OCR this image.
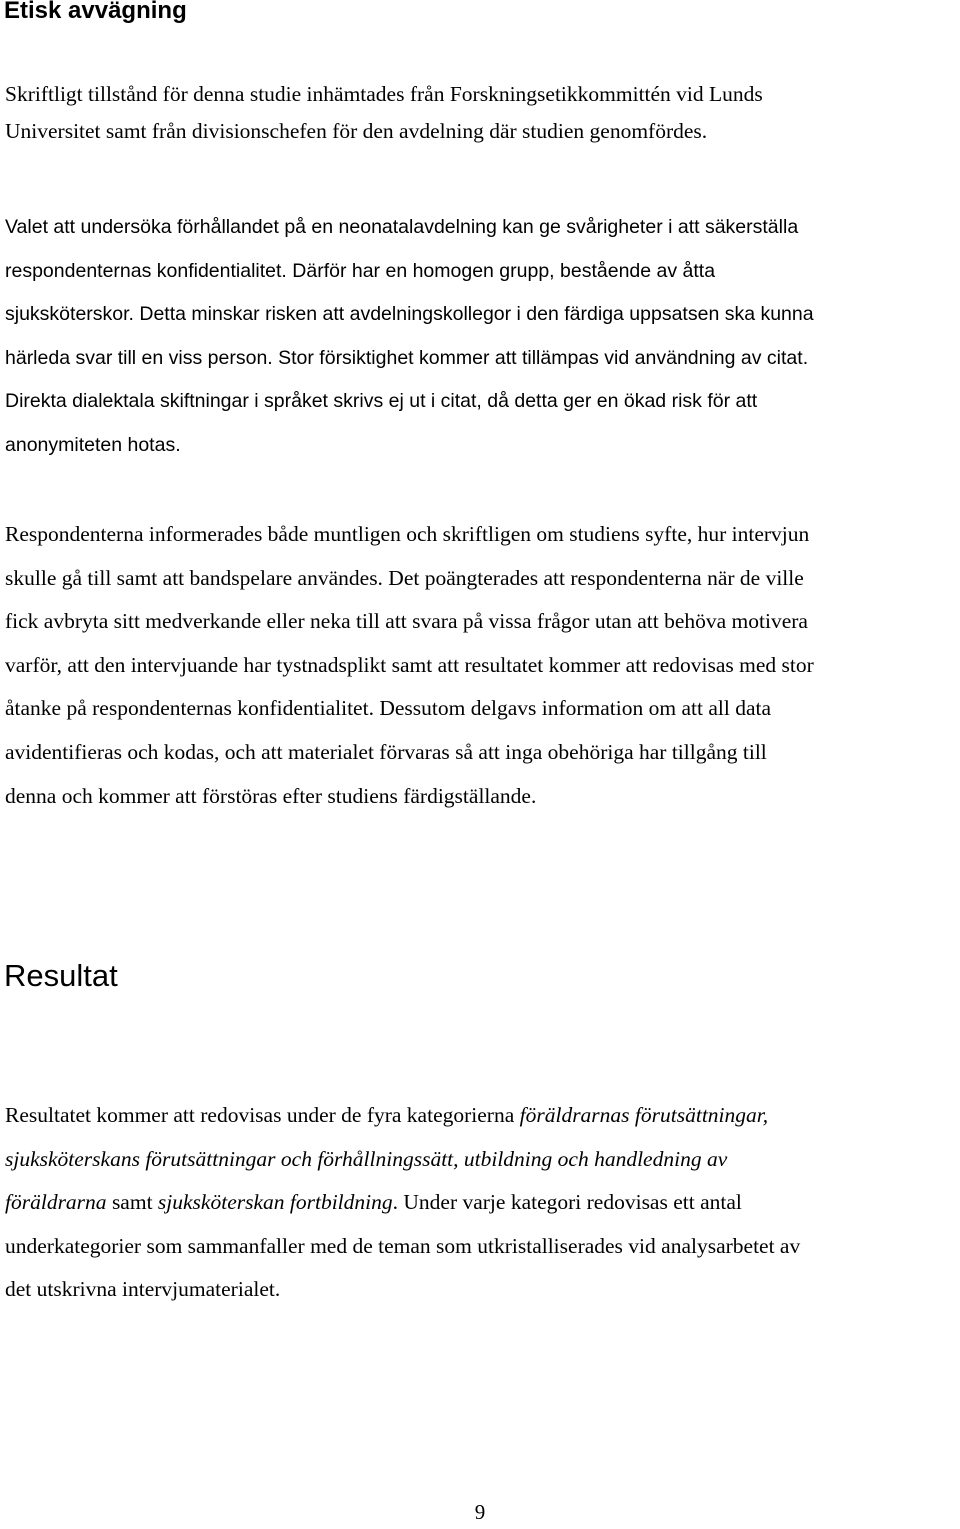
Etisk avvägning

Skriftligt tillstånd för denna studie inhämtades från Forskningsetikkommittén vid Lunds
Universitet samt från divisionschefen för den avdelning där studien genomfördes.

Valet att undersöka förhållandet på en neonatalavdelning kan ge svårigheter i att säkerställa
respondenternas konfidentialitet. Därför har en homogen grupp, bestående av åtta
sjuksköterskor. Detta minskar risken att avdelningskollegor i den färdiga uppsatsen ska kunna
härleda svar till en viss person. Stor försiktighet kommer att tillämpas vid användning av citat.
Direkta dialektala skiftningar i språket skrivs ej ut i citat, då detta ger en ökad risk för att
anonymiteten hotas.

Respondenterna informerades både muntligen och skriftligen om studiens syfte, hur intervjun
skulle gå till samt att bandspelare användes. Det poängterades att respondenterna när de ville
fick avbryta sitt medverkande eller neka till att svara på vissa frågor utan att behöva motivera
varför, att den intervjuande har tystnadsplikt samt att resultatet kommer att redovisas med stor
åtanke på respondenternas konfidentialitet. Dessutom delgavs information om att all data
avidentifieras och kodas, och att materialet förvaras så att inga obehöriga har tillgång till
denna och kommer att förstöras efter studiens färdigställande.

Resultat

Resultatet kommer att redovisas under de fyra kategorierna föräldrarnas förutsättningar,
sjuksköterskans förutsättningar och förhållningssätt, utbildning och handledning av
föräldrarna samt sjuksköterskan fortbildning. Under varje kategori redovisas ett antal
underkategorier som sammanfaller med de teman som utkristalliserades vid analysarbetet av
det utskrivna intervjumaterialet.

9
